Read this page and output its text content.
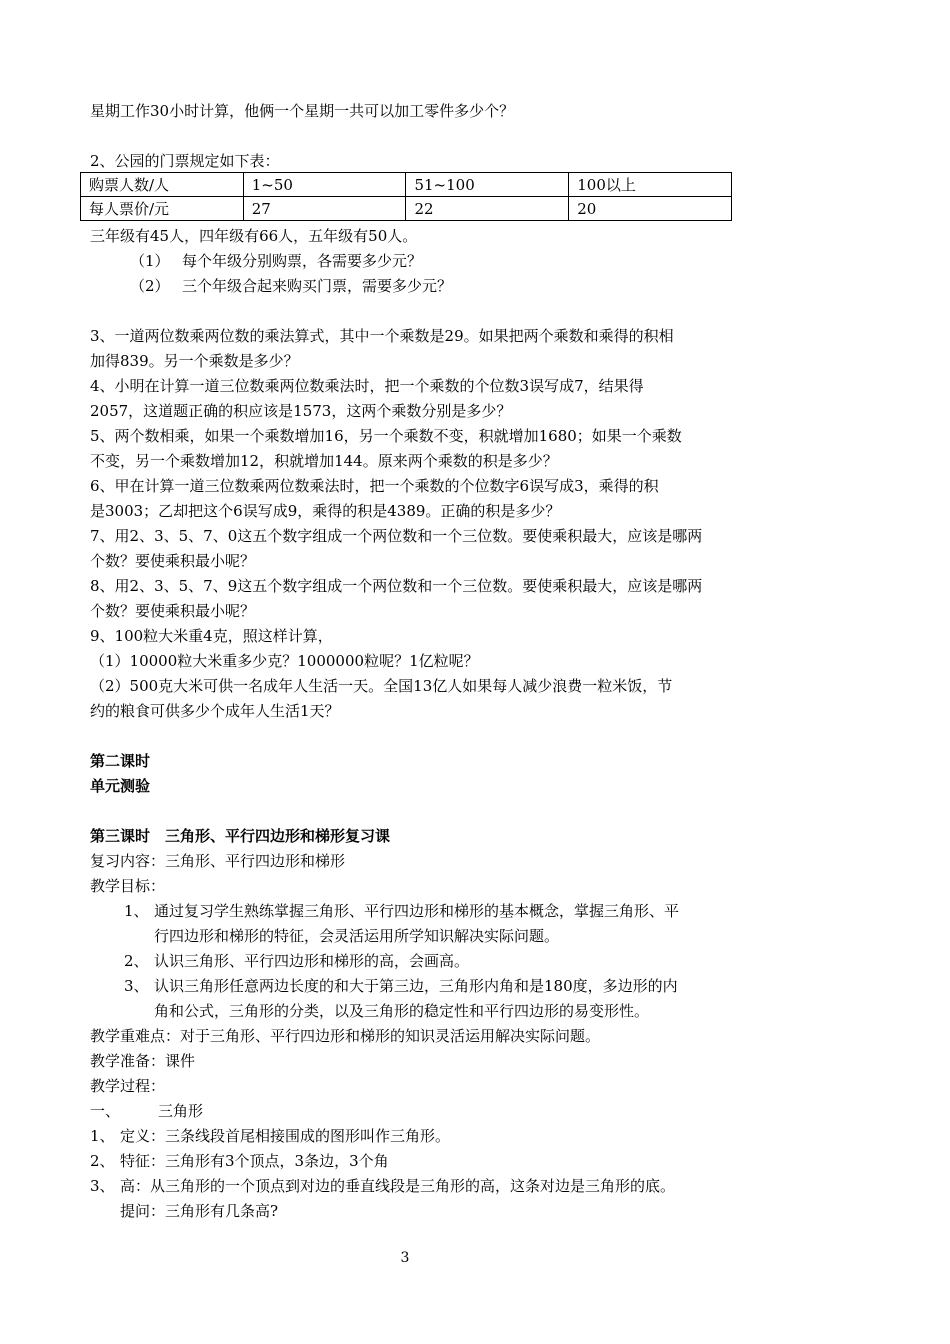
星期工作30小时计算，他俩一个星期一共可以加工零件多少个？
2、公园的门票规定如下表：
购票人数/人	1~50	51~100	100以上
每人票价/元	27	22	20
三年级有45人，四年级有66人，五年级有50人。
（1） 每个年级分别购票，各需要多少元？
（2） 三个年级合起来购买门票，需要多少元？
3、一道两位数乘两位数的乘法算式，其中一个乘数是29。如果把两个乘数和乘得的积相
加得839。另一个乘数是多少？
4、小明在计算一道三位数乘两位数乘法时，把一个乘数的个位数3误写成7，结果得
2057，这道题正确的积应该是1573，这两个乘数分别是多少？
5、两个数相乘，如果一个乘数增加16，另一个乘数不变，积就增加1680；如果一个乘数
不变，另一个乘数增加12，积就增加144。原来两个乘数的积是多少？
6、甲在计算一道三位数乘两位数乘法时，把一个乘数的个位数字6误写成3，乘得的积
是3003；乙却把这个6误写成9，乘得的积是4389。正确的积是多少？
7、用2、3、5、7、0这五个数字组成一个两位数和一个三位数。要使乘积最大，应该是哪两
个数？要使乘积最小呢？
8、用2、3、5、7、9这五个数字组成一个两位数和一个三位数。要使乘积最大，应该是哪两
个数？要使乘积最小呢？
9、100粒大米重4克，照这样计算，
（1）10000粒大米重多少克？1000000粒呢？1亿粒呢？
（2）500克大米可供一名成年人生活一天。全国13亿人如果每人减少浪费一粒米饭，节
约的粮食可供多少个成年人生活1天？
第二课时
单元测验
第三课时　三角形、平行四边形和梯形复习课
复习内容：三角形、平行四边形和梯形
教学目标：
1、 通过复习学生熟练掌握三角形、平行四边形和梯形的基本概念，掌握三角形、平
行四边形和梯形的特征，会灵活运用所学知识解决实际问题。
2、 认识三角形、平行四边形和梯形的高，会画高。
3、 认识三角形任意两边长度的和大于第三边，三角形内角和是180度，多边形的内
角和公式，三角形的分类，以及三角形的稳定性和平行四边形的易变形性。
教学重难点：对于三角形、平行四边形和梯形的知识灵活运用解决实际问题。
教学准备：课件
教学过程：
一、	三角形
1、 定义：三条线段首尾相接围成的图形叫作三角形。
2、 特征：三角形有3个顶点，3条边，3个角
3、 高：从三角形的一个顶点到对边的垂直线段是三角形的高，这条对边是三角形的底。
提问：三角形有几条高?
3
